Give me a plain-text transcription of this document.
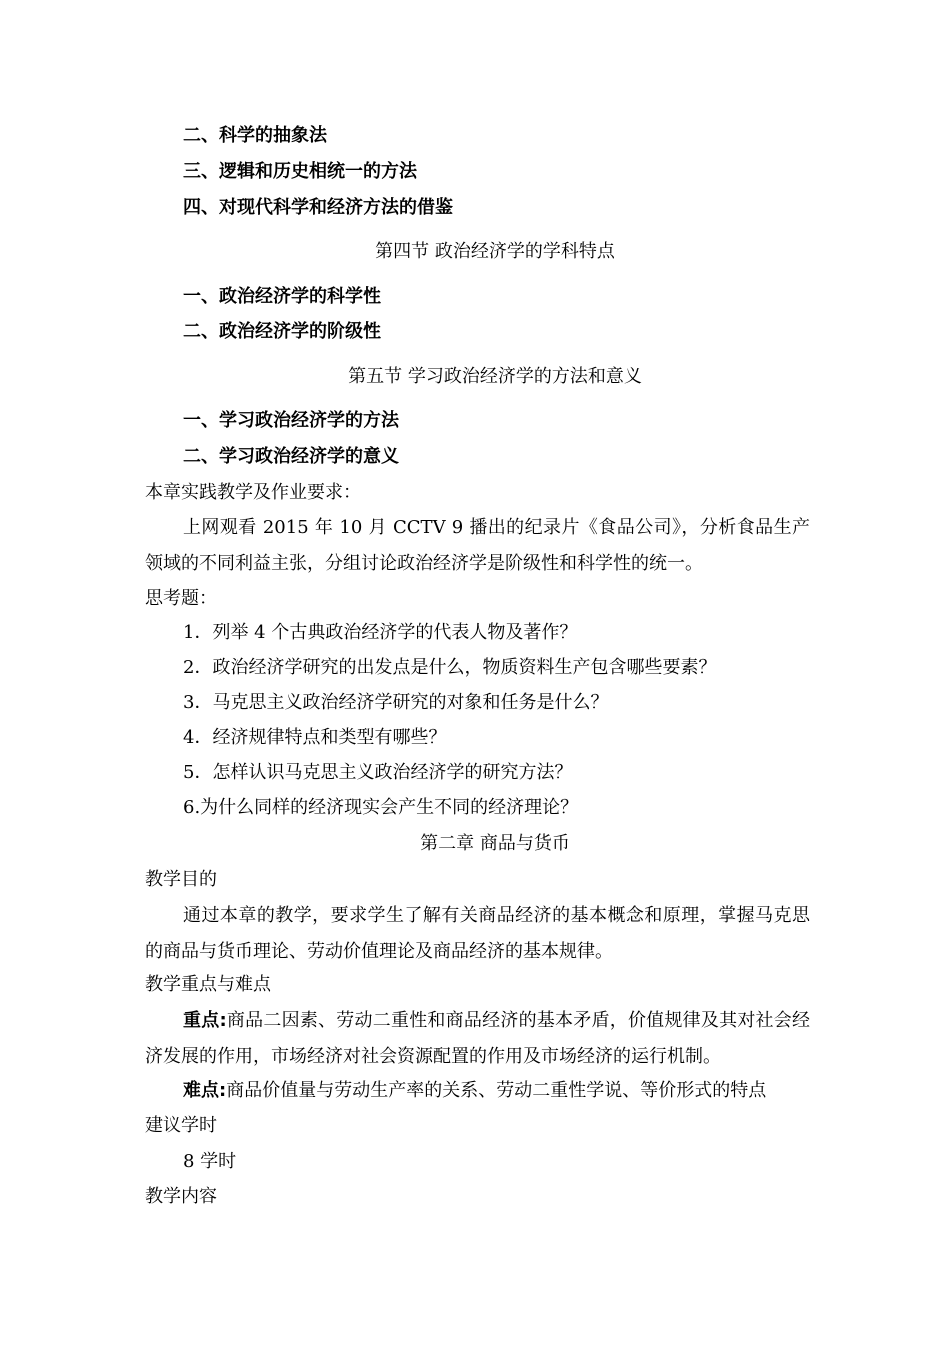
二、科学的抽象法
三、逻辑和历史相统一的方法
四、对现代科学和经济方法的借鉴
第四节 政治经济学的学科特点
一、政治经济学的科学性
二、政治经济学的阶级性
第五节 学习政治经济学的方法和意义
一、学习政治经济学的方法
二、学习政治经济学的意义
本章实践教学及作业要求：
上网观看 2015 年 10 月 CCTV 9 播出的纪录片《食品公司》，分析食品生产领域的不同利益主张，分组讨论政治经济学是阶级性和科学性的统一。
思考题：
1．列举 4 个古典政治经济学的代表人物及著作？
2．政治经济学研究的出发点是什么，物质资料生产包含哪些要素？
3．马克思主义政治经济学研究的对象和任务是什么？
4．经济规律特点和类型有哪些？
5．怎样认识马克思主义政治经济学的研究方法？
6.为什么同样的经济现实会产生不同的经济理论？
第二章 商品与货币
教学目的
通过本章的教学，要求学生了解有关商品经济的基本概念和原理，掌握马克思的商品与货币理论、劳动价值理论及商品经济的基本规律。
教学重点与难点
重点:商品二因素、劳动二重性和商品经济的基本矛盾，价值规律及其对社会经济发展的作用，市场经济对社会资源配置的作用及市场经济的运行机制。
难点:商品价值量与劳动生产率的关系、劳动二重性学说、等价形式的特点
建议学时
8 学时
教学内容
